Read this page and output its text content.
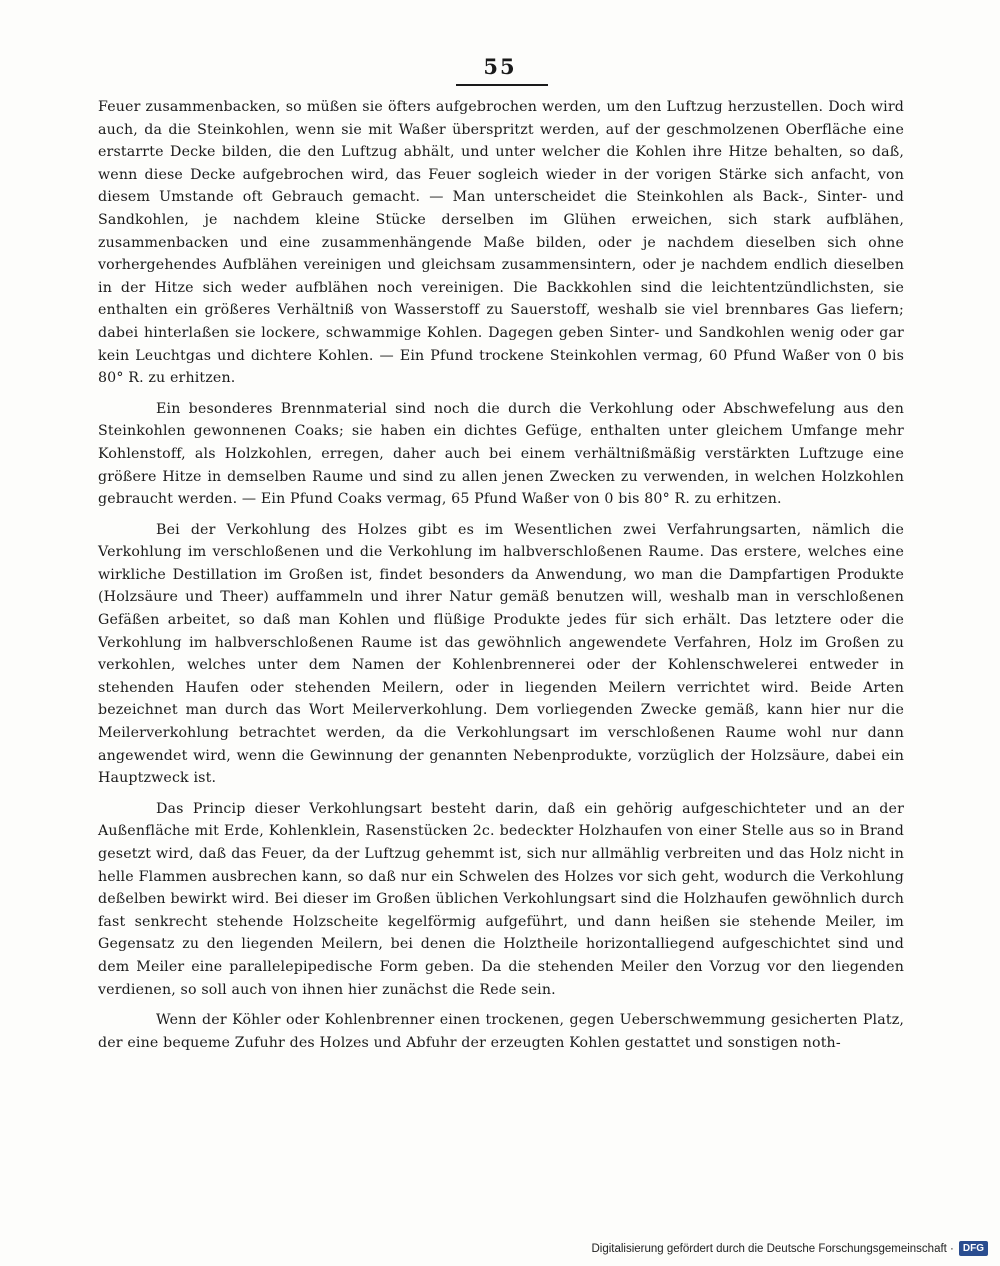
55

Feuer zusammenbacken, so müßen sie öfters aufgebrochen werden, um den Luftzug herzustellen. Doch wird auch, da die Steinkohlen, wenn sie mit Waßer überspritzt werden, auf der geschmolzenen Oberfläche eine erstarrte Decke bilden, die den Luftzug abhält, und unter welcher die Kohlen ihre Hitze behalten, so daß, wenn diese Decke aufgebrochen wird, das Feuer sogleich wieder in der vorigen Stärke sich anfacht, von diesem Umstande oft Gebrauch gemacht. — Man unterscheidet die Steinkohlen als Back-, Sinter- und Sandkohlen, je nachdem kleine Stücke derselben im Glühen erweichen, sich stark aufblähen, zusammenbacken und eine zusammenhängende Maße bilden, oder je nachdem dieselben sich ohne vorhergehendes Aufblähen vereinigen und gleichsam zusammensintern, oder je nachdem endlich dieselben in der Hitze sich weder aufblähen noch vereinigen. Die Backkohlen sind die leichtentzündlichsten, sie enthalten ein größeres Verhältniß von Wasserstoff zu Sauerstoff, weshalb sie viel brennbares Gas liefern; dabei hinterlaßen sie lockere, schwammige Kohlen. Dagegen geben Sinter- und Sandkohlen wenig oder gar kein Leuchtgas und dichtere Kohlen. — Ein Pfund trockene Steinkohlen vermag, 60 Pfund Waßer von 0 bis 80° R. zu erhitzen.

Ein besonderes Brennmaterial sind noch die durch die Verkohlung oder Abschwefelung aus den Steinkohlen gewonnenen Coaks; sie haben ein dichtes Gefüge, enthalten unter gleichem Umfange mehr Kohlenstoff, als Holzkohlen, erregen, daher auch bei einem verhältnißmäßig verstärkten Luftzuge eine größere Hitze in demselben Raume und sind zu allen jenen Zwecken zu verwenden, in welchen Holzkohlen gebraucht werden. — Ein Pfund Coaks vermag, 65 Pfund Waßer von 0 bis 80° R. zu erhitzen.

Bei der Verkohlung des Holzes gibt es im Wesentlichen zwei Verfahrungsarten, nämlich die Verkohlung im verschloßenen und die Verkohlung im halbverschloßenen Raume. Das erstere, welches eine wirkliche Destillation im Großen ist, findet besonders da Anwendung, wo man die Dampfartigen Produkte (Holzsäure und Theer) auffammeln und ihrer Natur gemäß benutzen will, weshalb man in verschloßenen Gefäßen arbeitet, so daß man Kohlen und flüßige Produkte jedes für sich erhält. Das letztere oder die Verkohlung im halbverschloßenen Raume ist das gewöhnlich angewendete Verfahren, Holz im Großen zu verkohlen, welches unter dem Namen der Kohlenbrennerei oder der Kohlenschwelerei entweder in stehenden Haufen oder stehenden Meilern, oder in liegenden Meilern verrichtet wird. Beide Arten bezeichnet man durch das Wort Meilerverkohlung. Dem vorliegenden Zwecke gemäß, kann hier nur die Meilerverkohlung betrachtet werden, da die Verkohlungsart im verschloßenen Raume wohl nur dann angewendet wird, wenn die Gewinnung der genannten Nebenprodukte, vorzüglich der Holzsäure, dabei ein Hauptzweck ist.

Das Princip dieser Verkohlungsart besteht darin, daß ein gehörig aufgeschichteter und an der Außenfläche mit Erde, Kohlenklein, Rasenstücken 2c. bedeckter Holzhaufen von einer Stelle aus so in Brand gesetzt wird, daß das Feuer, da der Luftzug gehemmt ist, sich nur allmählig verbreiten und das Holz nicht in helle Flammen ausbrechen kann, so daß nur ein Schwelen des Holzes vor sich geht, wodurch die Verkohlung deßelben bewirkt wird. Bei dieser im Großen üblichen Verkohlungsart sind die Holzhaufen gewöhnlich durch fast senkrecht stehende Holzscheite kegelförmig aufgeführt, und dann heißen sie stehende Meiler, im Gegensatz zu den liegenden Meilern, bei denen die Holztheile horizontalliegend aufgeschichtet sind und dem Meiler eine parallelepipedische Form geben. Da die stehenden Meiler den Vorzug vor den liegenden verdienen, so soll auch von ihnen hier zunächst die Rede sein.

Wenn der Köhler oder Kohlenbrenner einen trockenen, gegen Ueberschwemmung gesicherten Platz, der eine bequeme Zufuhr des Holzes und Abfuhr der erzeugten Kohlen gestattet und sonstigen noth-

Digitalisierung gefördert durch die Deutsche Forschungsgemeinschaft · DFG
